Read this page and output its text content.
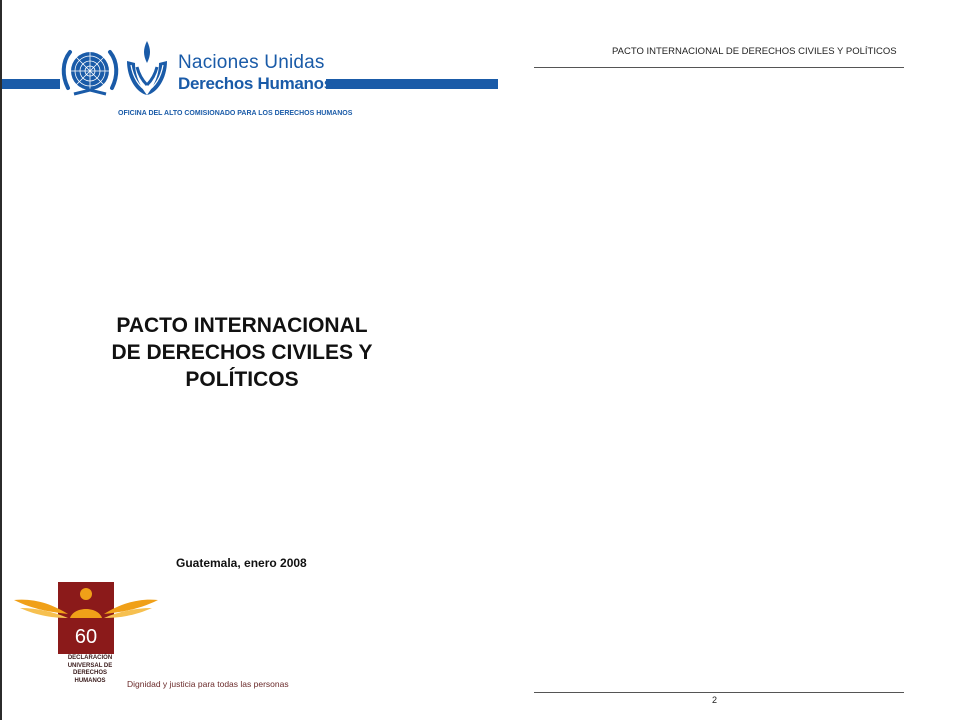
Naciones Unidas
Derechos Humanos
OFICINA DEL ALTO COMISIONADO PARA LOS DERECHOS HUMANOS
PACTO INTERNACIONAL
DE DERECHOS CIVILES Y
POLÍTICOS
Guatemala, enero 2008
60
DECLARACIÓN
UNIVERSAL DE
DERECHOS
HUMANOS	Dignidad y justicia para todas las personas
PACTO INTERNACIONAL DE DERECHOS CIVILES Y POLÍTICOS
2
